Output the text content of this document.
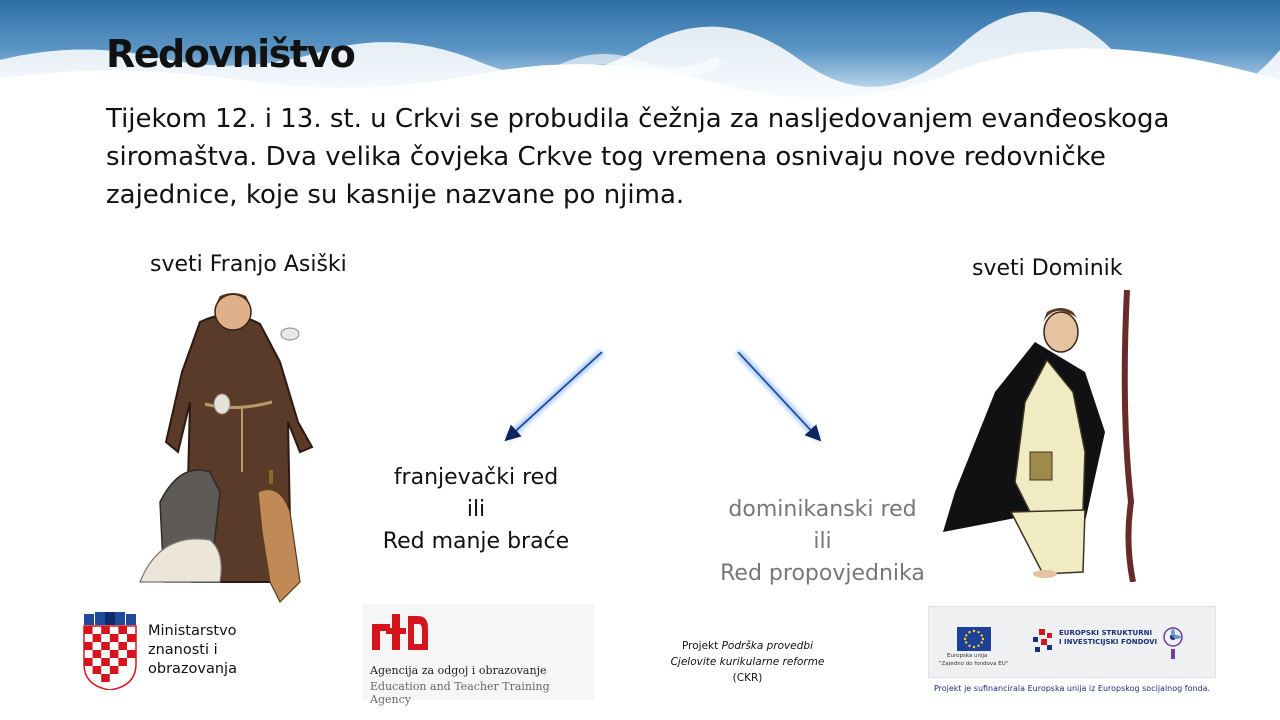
Redovništvo
Tijekom 12. i 13. st. u Crkvi se probudila čežnja za nasljedovanjem evanđeoskoga siromaštva. Dva velika čovjeka Crkve tog vremena osnivaju nove redovničke zajednice, koje su kasnije nazvane po njima.
sveti Franjo Asiški	sveti Dominik
franjevački red
ili
Red manje braće
dominikanski red
ili
Red propovjednika
Ministarstvo
znanosti i
obrazovanja	Agencija za odgoj i obrazovanje
Education and Teacher Training Agency
Projekt Podrška provedbi
Cjelovite kurikularne reforme
(CKR)
Europska unija
"Zajedno do fondova EU"
EUROPSKI STRUKTURNI
I INVESTICIJSKI FONDOVI
Projekt je sufinancirala Europska unija iz Europskog socijalnog fonda.
